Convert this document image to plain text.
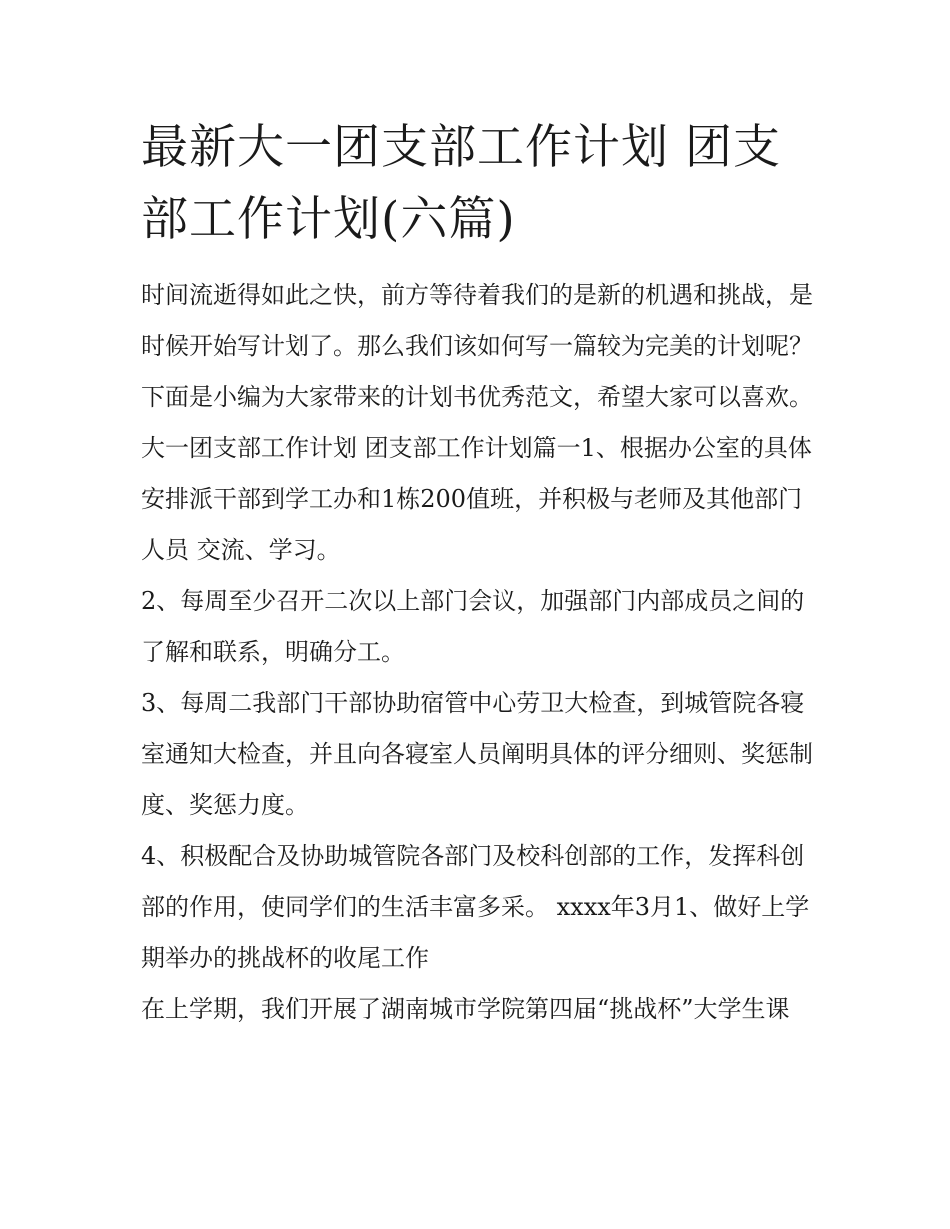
最新大一团支部工作计划 团支部工作计划(六篇)

时间流逝得如此之快，前方等待着我们的是新的机遇和挑战，是时候开始写计划了。那么我们该如何写一篇较为完美的计划呢？下面是小编为大家带来的计划书优秀范文，希望大家可以喜欢。

大一团支部工作计划 团支部工作计划篇一1、根据办公室的具体安排派干部到学工办和1栋200值班，并积极与老师及其他部门人员 交流、学习。

2、每周至少召开二次以上部门会议，加强部门内部成员之间的了解和联系，明确分工。

3、每周二我部门干部协助宿管中心劳卫大检查，到城管院各寝室通知大检查，并且向各寝室人员阐明具体的评分细则、奖惩制度、奖惩力度。

4、积极配合及协助城管院各部门及校科创部的工作，发挥科创部的作用，使同学们的生活丰富多采。 xxxx年3月1、做好上学期举办的挑战杯的收尾工作

在上学期，我们开展了湖南城市学院第四届“挑战杯”大学生课
